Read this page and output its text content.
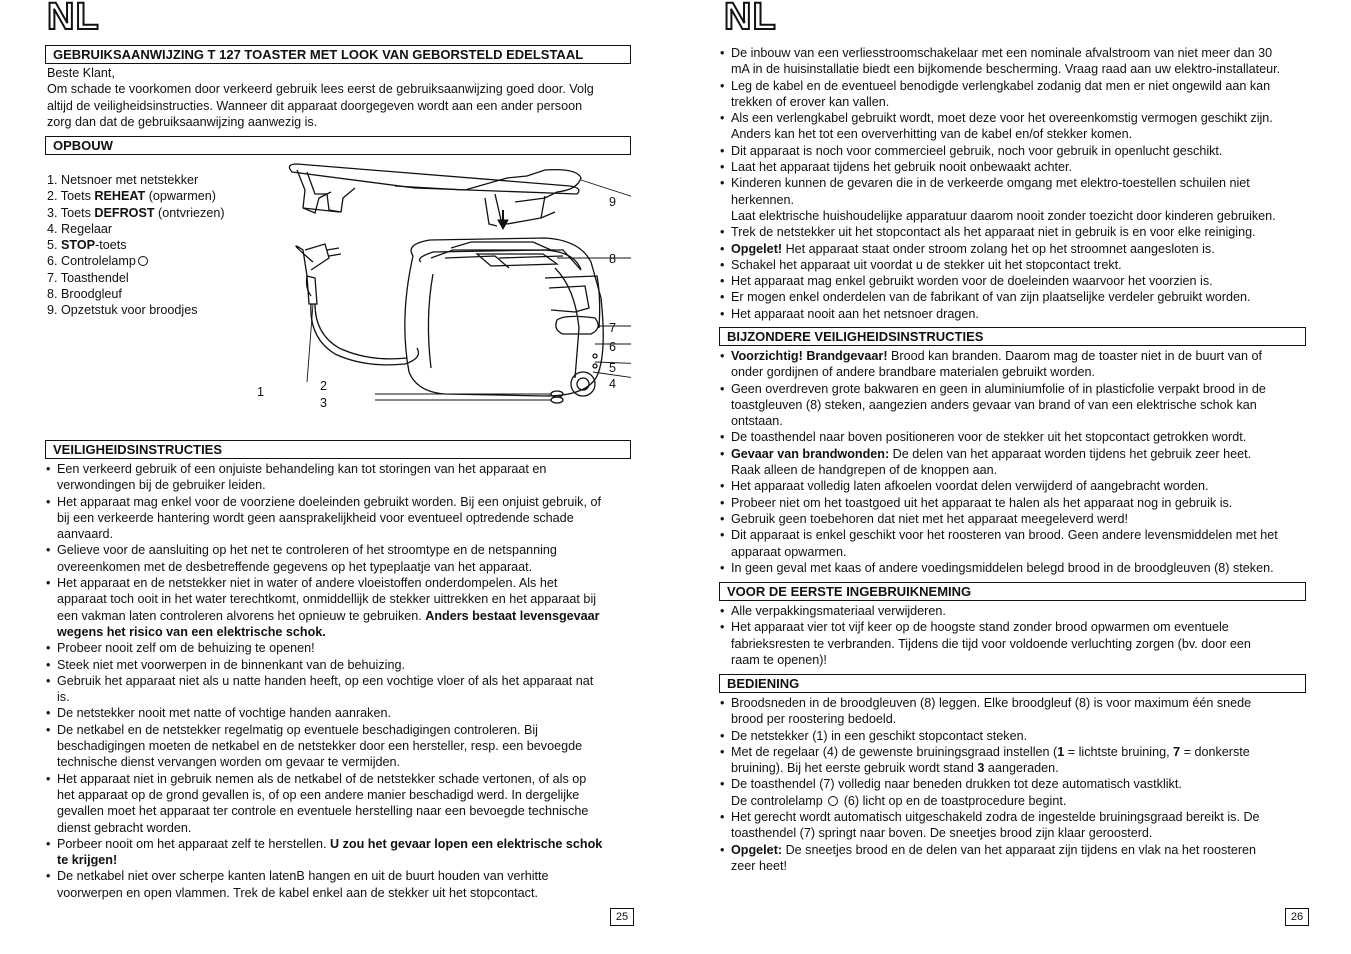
NL
GEBRUIKSAANWIJZING T 127 TOASTER MET LOOK VAN GEBORSTELD EDELSTAAL
Beste Klant,
Om schade te voorkomen door verkeerd gebruik lees eerst de gebruiksaanwijzing goed door. Volg
altijd de veiligheidsinstructies. Wanneer dit apparaat doorgegeven wordt aan een ander persoon
zorg dan dat de gebruiksaanwijzing aanwezig is.
OPBOUW
1. Netsnoer met netstekker
2. Toets REHEAT (opwarmen)
3. Toets DEFROST (ontvriezen)
4. Regelaar
5. STOP-toets
6. Controlelamp
7. Toasthendel
8. Broodgleuf
9. Opzetstuk voor broodjes
9
8
7
6
5
4
1	2
3
VEILIGHEIDSINSTRUCTIES
• Een verkeerd gebruik of een onjuiste behandeling kan tot storingen van het apparaat en
verwondingen bij de gebruiker leiden.
• Het apparaat mag enkel voor de voorziene doeleinden gebruikt worden. Bij een onjuist gebruik, of
bij een verkeerde hantering wordt geen aansprakelijkheid voor eventueel optredende schade
aanvaard.
• Gelieve voor de aansluiting op het net te controleren of het stroomtype en de netspanning
overeenkomen met de desbetreffende gegevens op het typeplaatje van het apparaat.
• Het apparaat en de netstekker niet in water of andere vloeistoffen onderdompelen. Als het
apparaat toch ooit in het water terechtkomt, onmiddellijk de stekker uittrekken en het apparaat bij
een vakman laten controleren alvorens het opnieuw te gebruiken. Anders bestaat levensgevaar
wegens het risico van een elektrische schok.
• Probeer nooit zelf om de behuizing te openen!
• Steek niet met voorwerpen in de binnenkant van de behuizing.
• Gebruik het apparaat niet als u natte handen heeft, op een vochtige vloer of als het apparaat nat
is.
• De netstekker nooit met natte of vochtige handen aanraken.
• De netkabel en de netstekker regelmatig op eventuele beschadigingen controleren. Bij
beschadigingen moeten de netkabel en de netstekker door een hersteller, resp. een bevoegde
technische dienst vervangen worden om gevaar te vermijden.
• Het apparaat niet in gebruik nemen als de netkabel of de netstekker schade vertonen, of als op
het apparaat op de grond gevallen is, of op een andere manier beschadigd werd. In dergelijke
gevallen moet het apparaat ter controle en eventuele herstelling naar een bevoegde technische
dienst gebracht worden.
• Porbeer nooit om het apparaat zelf te herstellen. U zou het gevaar lopen een elektrische schok
te krijgen!
• De netkabel niet over scherpe kanten latenB hangen en uit de buurt houden van verhitte
voorwerpen en open vlammen. Trek de kabel enkel aan de stekker uit het stopcontact.
25
NL
• De inbouw van een verliesstroomschakelaar met een nominale afvalstroom van niet meer dan 30
mA in de huisinstallatie biedt een bijkomende bescherming. Vraag raad aan uw elektro-installateur.
• Leg de kabel en de eventueel benodigde verlengkabel zodanig dat men er niet ongewild aan kan
trekken of erover kan vallen.
• Als een verlengkabel gebruikt wordt, moet deze voor het overeenkomstig vermogen geschikt zijn.
Anders kan het tot een oververhitting van de kabel en/of stekker komen.
• Dit apparaat is noch voor commercieel gebruik, noch voor gebruik in openlucht geschikt.
• Laat het apparaat tijdens het gebruik nooit onbewaakt achter.
• Kinderen kunnen de gevaren die in de verkeerde omgang met elektro-toestellen schuilen niet
herkennen.
Laat elektrische huishoudelijke apparatuur daarom nooit zonder toezicht door kinderen gebruiken.
• Trek de netstekker uit het stopcontact als het apparaat niet in gebruik is en voor elke reiniging.
• Opgelet! Het apparaat staat onder stroom zolang het op het stroomnet aangesloten is.
• Schakel het apparaat uit voordat u de stekker uit het stopcontact trekt.
• Het apparaat mag enkel gebruikt worden voor de doeleinden waarvoor het voorzien is.
• Er mogen enkel onderdelen van de fabrikant of van zijn plaatselijke verdeler gebruikt worden.
• Het apparaat nooit aan het netsnoer dragen.
BIJZONDERE VEILIGHEIDSINSTRUCTIES
• Voorzichtig! Brandgevaar! Brood kan branden. Daarom mag de toaster niet in de buurt van of
onder gordijnen of andere brandbare materialen gebruikt worden.
• Geen overdreven grote bakwaren en geen in aluminiumfolie of in plasticfolie verpakt brood in de
toastgleuven (8) steken, aangezien anders gevaar van brand of van een elektrische schok kan
ontstaan.
• De toasthendel naar boven positioneren voor de stekker uit het stopcontact getrokken wordt.
• Gevaar van brandwonden: De delen van het apparaat worden tijdens het gebruik zeer heet.
Raak alleen de handgrepen of de knoppen aan.
• Het apparaat volledig laten afkoelen voordat delen verwijderd of aangebracht worden.
• Probeer niet om het toastgoed uit het apparaat te halen als het apparaat nog in gebruik is.
• Gebruik geen toebehoren dat niet met het apparaat meegeleverd werd!
• Dit apparaat is enkel geschikt voor het roosteren van brood. Geen andere levensmiddelen met het
apparaat opwarmen.
• In geen geval met kaas of andere voedingsmiddelen belegd brood in de broodgleuven (8) steken.
VOOR DE EERSTE INGEBRUIKNEMING
• Alle verpakkingsmateriaal verwijderen.
• Het apparaat vier tot vijf keer op de hoogste stand zonder brood opwarmen om eventuele
fabrieksresten te verbranden. Tijdens die tijd voor voldoende verluchting zorgen (bv. door een
raam te openen)!
BEDIENING
• Broodsneden in de broodgleuven (8) leggen. Elke broodgleuf (8) is voor maximum één snede
brood per roostering bedoeld.
• De netstekker (1) in een geschikt stopcontact steken.
• Met de regelaar (4) de gewenste bruiningsgraad instellen (1 = lichtste bruining, 7 = donkerste
bruining). Bij het eerste gebruik wordt stand 3 aangeraden.
• De toasthendel (7) volledig naar beneden drukken tot deze automatisch vastklikt.
De controlelamp  (6) licht op en de toastprocedure begint.
• Het gerecht wordt automatisch uitgeschakeld zodra de ingestelde bruiningsgraad bereikt is. De
toasthendel (7) springt naar boven. De sneetjes brood zijn klaar geroosterd.
• Opgelet: De sneetjes brood en de delen van het apparaat zijn tijdens en vlak na het roosteren
zeer heet!
26
